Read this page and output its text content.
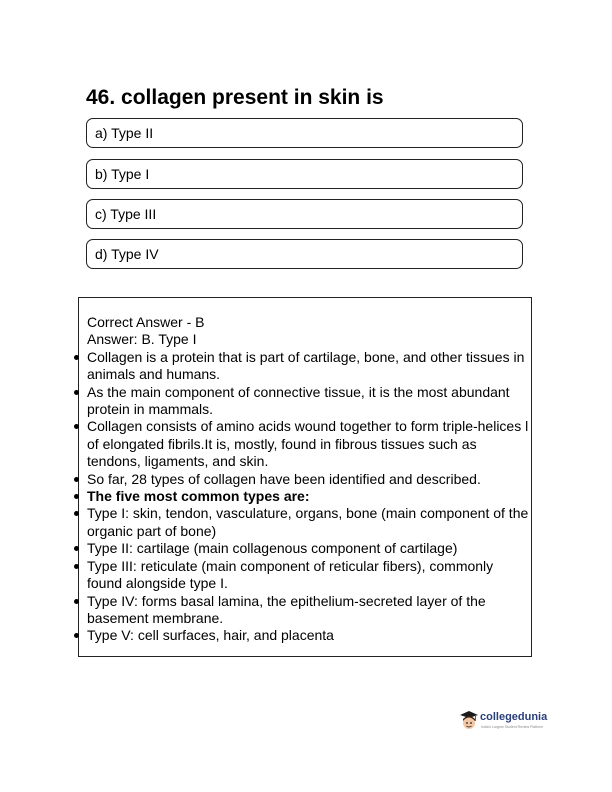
46. collagen present in skin is
a) Type II
b) Type I
c) Type III
d) Type IV

Correct Answer - B

Answer: B. Type I

Collagen is a protein that is part of cartilage, bone, and other tissues in animals and humans.
As the main component of connective tissue, it is the most abundant protein in mammals.
Collagen consists of amino acids wound together to form triple-helices l of elongated fibrils.It is, mostly, found in fibrous tissues such as tendons, ligaments, and skin.
So far, 28 types of collagen have been identified and described.
The five most common types are:
Type I: skin, tendon, vasculature, organs, bone (main component of the organic part of bone)
Type II: cartilage (main collagenous component of cartilage)
Type III: reticulate (main component of reticular fibers), commonly found alongside type I.
Type IV: forms basal lamina, the epithelium-secreted layer of the basement membrane.
Type V: cell surfaces, hair, and placenta
collegedunia
India's Largest Student Review Platform
